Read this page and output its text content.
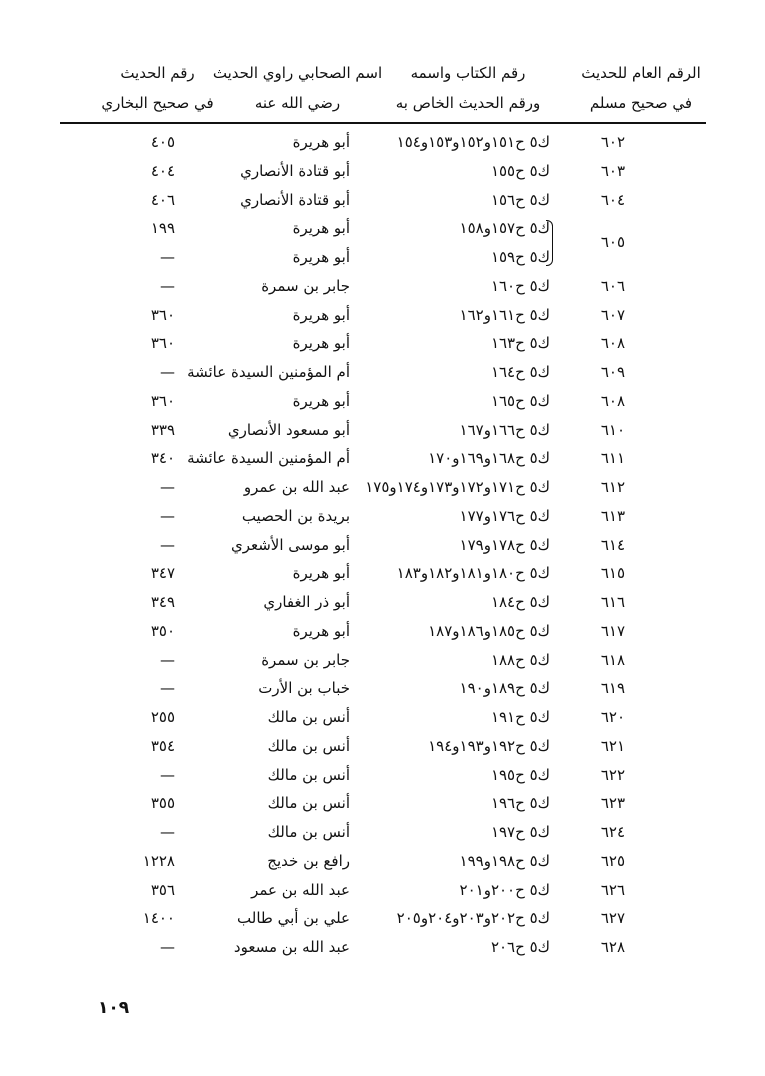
الرقم العام للحديث
في صحيح مسلم
رقم الكتاب واسمه
ورقم الحديث الخاص به
اسم الصحابي راوي الحديث
رضي الله عنه
رقم الحديث
في صحيح البخاري
٦٠٢
ك٥ ح١٥١و١٥٢و١٥٣و١٥٤
أبو هريرة
٤٠٥
٦٠٣
ك٥ ح١٥٥
أبو قتادة الأنصاري
٤٠٤
٦٠٤
ك٥ ح١٥٦
أبو قتادة الأنصاري
٤٠٦
ك٥ ح١٥٧و١٥٨
أبو هريرة
١٩٩
ك٥ ح١٥٩
أبو هريرة
—
٦٠٦
ك٥ ح١٦٠
جابر بن سمرة
—
٦٠٧
ك٥ ح١٦١و١٦٢
أبو هريرة
٣٦٠
٦٠٨
ك٥ ح١٦٣
أبو هريرة
٣٦٠
٦٠٩
ك٥ ح١٦٤
أم المؤمنين السيدة عائشة
—
٦٠٨
ك٥ ح١٦٥
أبو هريرة
٣٦٠
٦١٠
ك٥ ح١٦٦و١٦٧
أبو مسعود الأنصاري
٣٣٩
٦١١
ك٥ ح١٦٨و١٦٩و١٧٠
أم المؤمنين السيدة عائشة
٣٤٠
٦١٢
ك٥ ح١٧١و١٧٢و١٧٣و١٧٤و١٧٥
عبد الله بن عمرو
—
٦١٣
ك٥ ح١٧٦و١٧٧
بريدة بن الحصيب
—
٦١٤
ك٥ ح١٧٨و١٧٩
أبو موسى الأشعري
—
٦١٥
ك٥ ح١٨٠و١٨١و١٨٢و١٨٣
أبو هريرة
٣٤٧
٦١٦
ك٥ ح١٨٤
أبو ذر الغفاري
٣٤٩
٦١٧
ك٥ ح١٨٥و١٨٦و١٨٧
أبو هريرة
٣٥٠
٦١٨
ك٥ ح١٨٨
جابر بن سمرة
—
٦١٩
ك٥ ح١٨٩و١٩٠
خباب بن الأرت
—
٦٢٠
ك٥ ح١٩١
أنس بن مالك
٢٥٥
٦٢١
ك٥ ح١٩٢و١٩٣و١٩٤
أنس بن مالك
٣٥٤
٦٢٢
ك٥ ح١٩٥
أنس بن مالك
—
٦٢٣
ك٥ ح١٩٦
أنس بن مالك
٣٥٥
٦٢٤
ك٥ ح١٩٧
أنس بن مالك
—
٦٢٥
ك٥ ح١٩٨و١٩٩
رافع بن خديج
١٢٢٨
٦٢٦
ك٥ ح٢٠٠و٢٠١
عبد الله بن عمر
٣٥٦
٦٢٧
ك٥ ح٢٠٢و٢٠٣و٢٠٤و٢٠٥
علي بن أبي طالب
١٤٠٠
٦٢٨
ك٥ ح٢٠٦
عبد الله بن مسعود
—
٦٠٥
١٠٩
